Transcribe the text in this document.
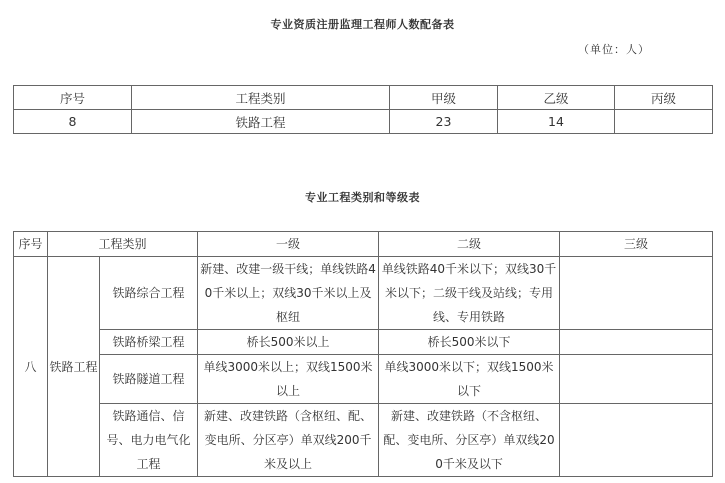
专业资质注册监理工程师人数配备表
（单位：人）
序号	工程类别	甲级	乙级	丙级
8	铁路工程	23	14	
专业工程类别和等级表
序号	工程类别		一级	二级	三级
八	铁路工程	铁路综合工程	新建、改建一级干线；单线铁路40千米以上；双线30千米以上及枢纽	单线铁路40千米以下；双线30千米以下；二级干线及站线；专用线、专用铁路	

		铁路桥梁工程	桥长500米以上	桥长500米以下	

		铁路隧道工程	单线3000米以上；双线1500米以上	单线3000米以下；双线1500米以下	

		铁路通信、信号、电力电气化工程	新建、改建铁路（含枢纽、配、变电所、分区亭）单双线200千米及以上	新建、改建铁路（不含枢纽、配、变电所、分区亭）单双线200千米及以下	
